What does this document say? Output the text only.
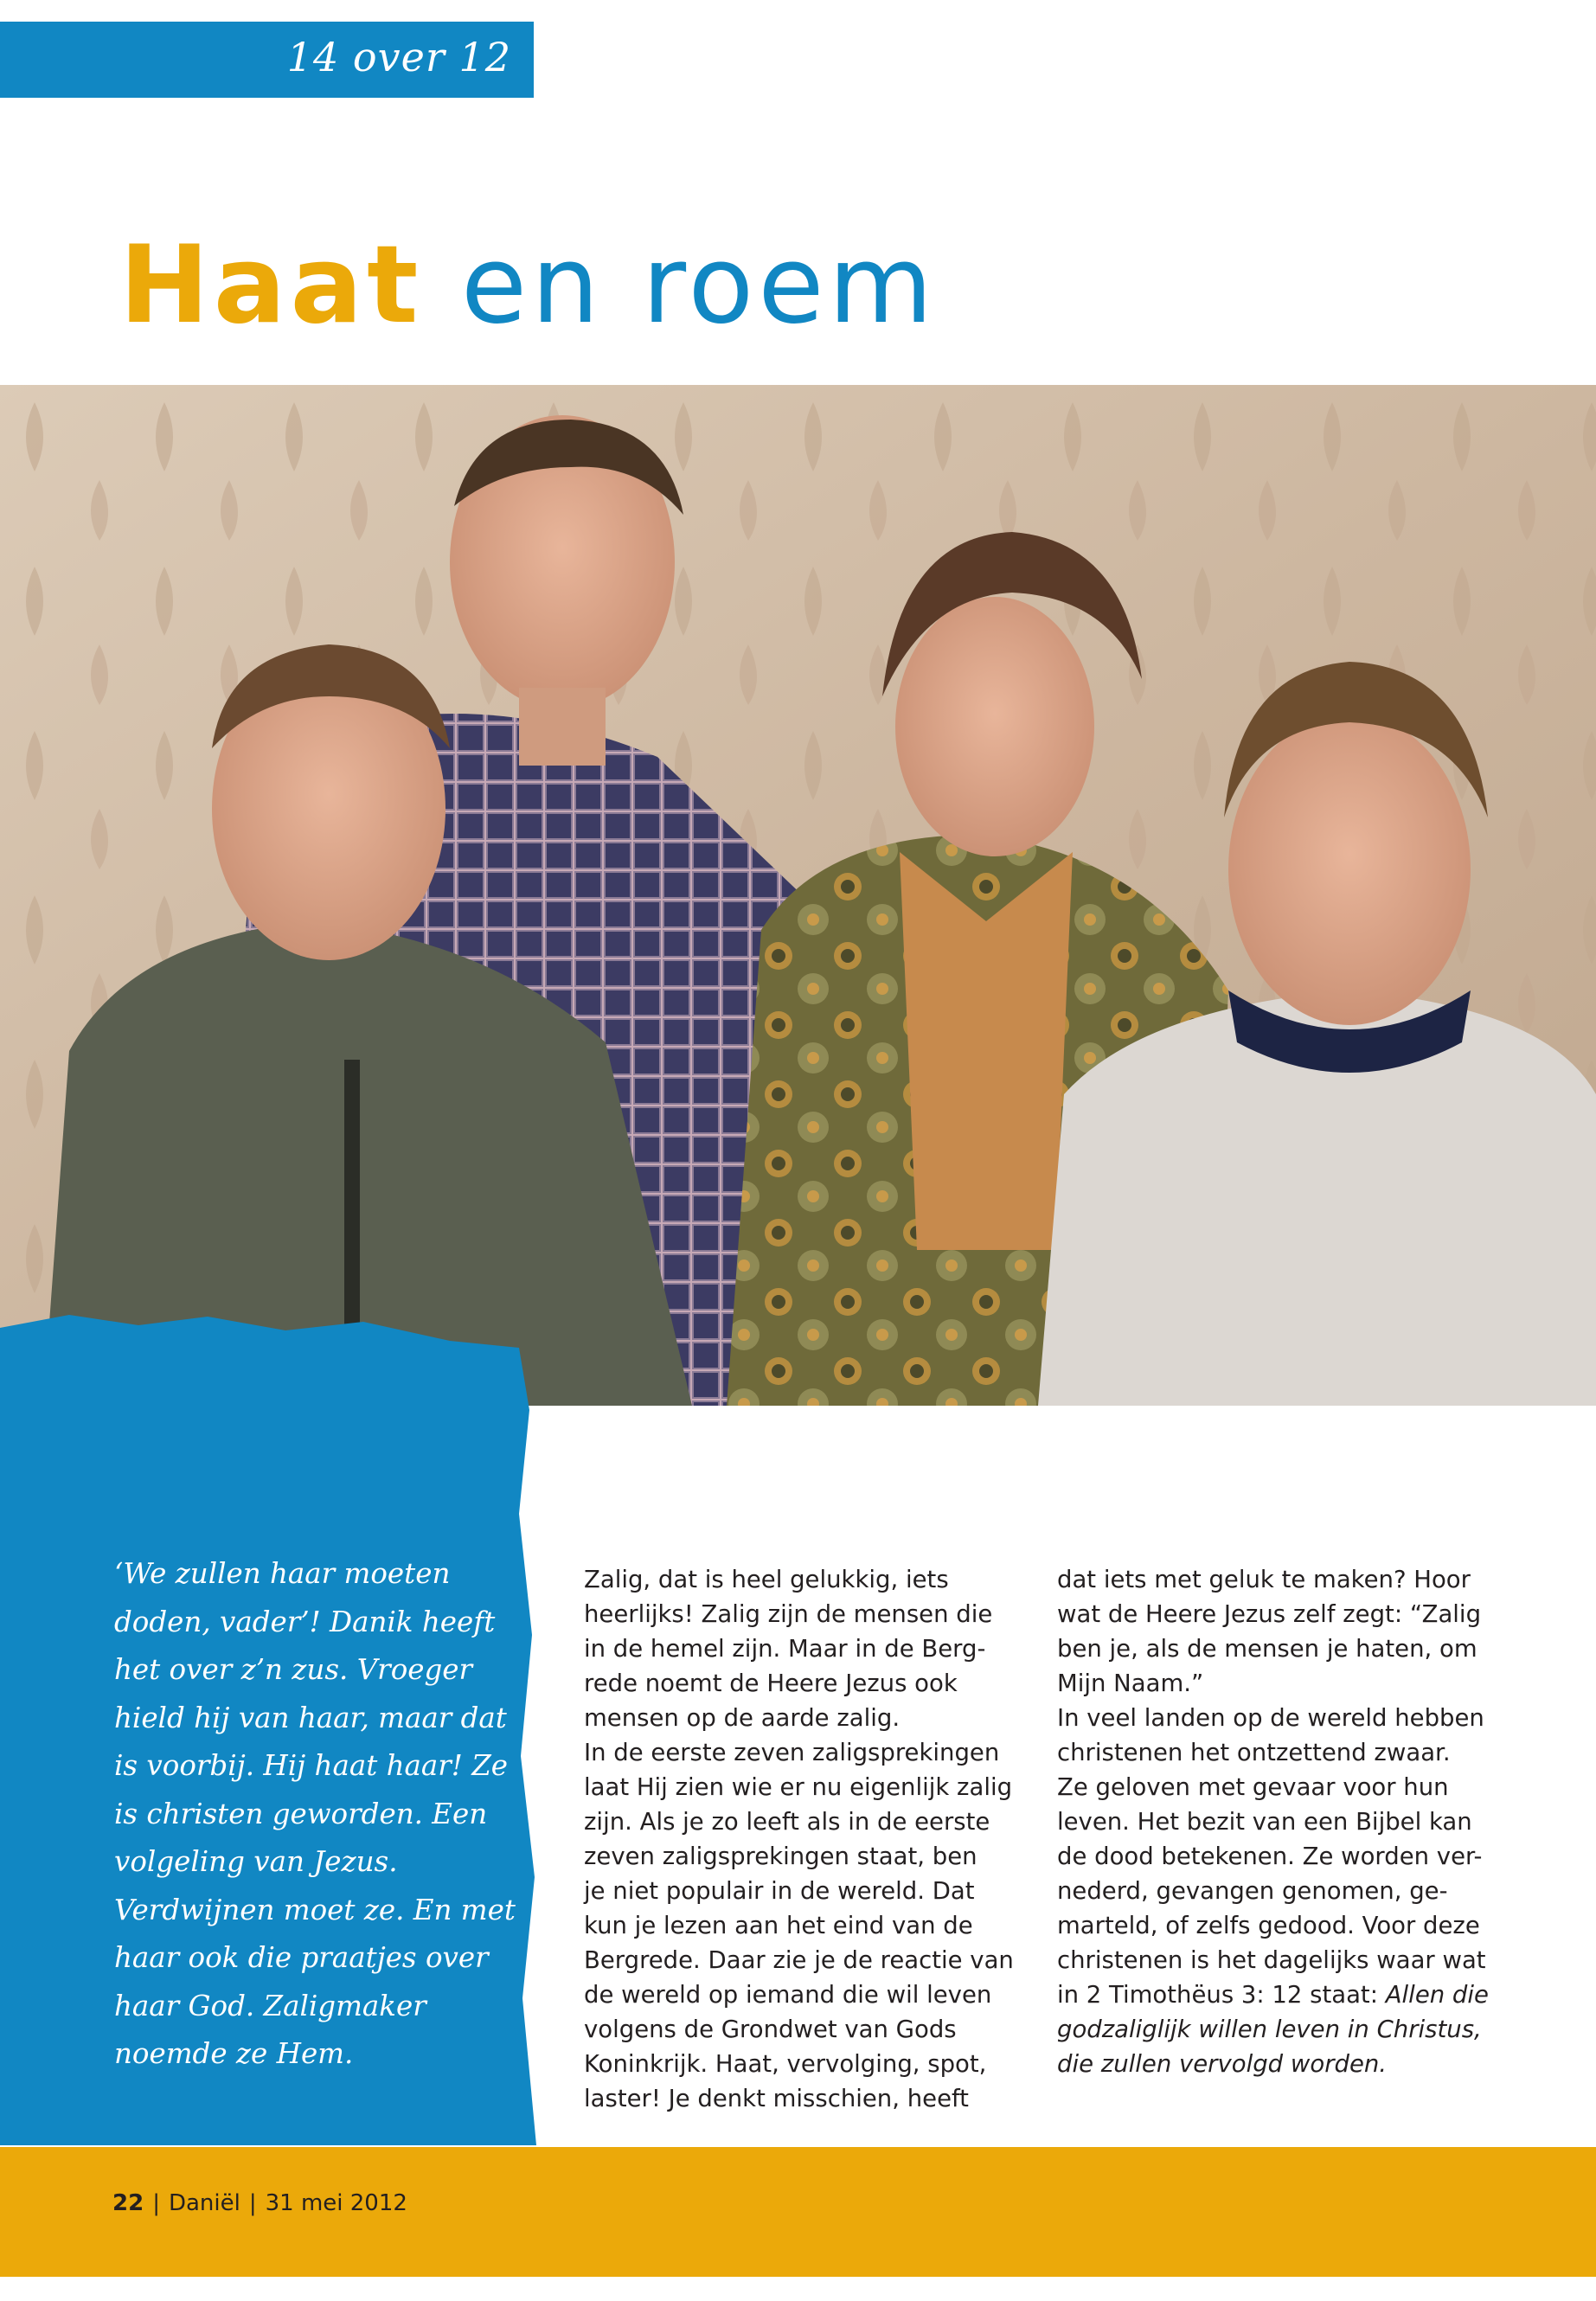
14 over 12
Haat en roem

‘We zullen haar moeten doden, vader’! Danik heeft het over z’n zus. Vroeger hield hij van haar, maar dat is voorbij. Hij haat haar! Ze is christen geworden. Een volgeling van Jezus. Verdwijnen moet ze. En met haar ook die praatjes over haar God. Zaligmaker noemde ze Hem.

Zalig, dat is heel gelukkig, iets
heerlijks! Zalig zijn de mensen die
in de hemel zijn. Maar in de Berg-
rede noemt de Heere Jezus ook
mensen op de aarde zalig.
In de eerste zeven zaligsprekingen
laat Hij zien wie er nu eigenlijk zalig
zijn. Als je zo leeft als in de eerste
zeven zaligsprekingen staat, ben
je niet populair in de wereld. Dat
kun je lezen aan het eind van de
Bergrede. Daar zie je de reactie van
de wereld op iemand die wil leven
volgens de Grondwet van Gods
Koninkrijk. Haat, vervolging, spot,
laster! Je denkt misschien, heeft

dat iets met geluk te maken? Hoor
wat de Heere Jezus zelf zegt: “Zalig
ben je, als de mensen je haten, om
Mijn Naam.”
In veel landen op de wereld hebben
christenen het ontzettend zwaar.
Ze geloven met gevaar voor hun
leven. Het bezit van een Bijbel kan
de dood betekenen. Ze worden ver-
nederd, gevangen genomen, ge-
marteld, of zelfs gedood. Voor deze
christenen is het dagelijks waar wat
in 2 Timothëus 3: 12 staat: Allen die
godzaliglijk willen leven in Christus,
die zullen vervolgd worden.

22 | Daniël | 31 mei 2012
